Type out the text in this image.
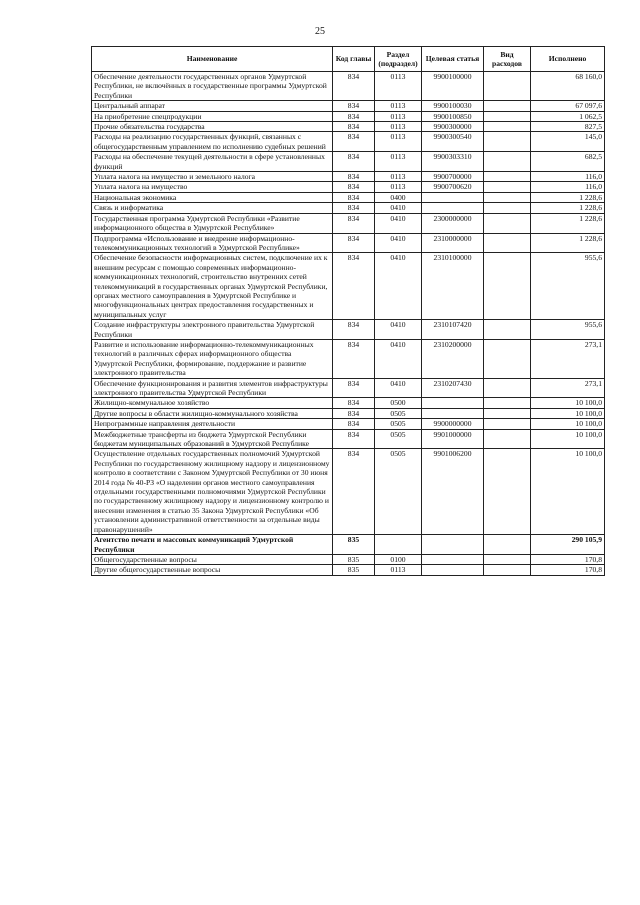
25
Наименование	Код главы	Раздел (подраздел)	Целевая статья	Вид расходов	Исполнено
Обеспечение деятельности государственных органов Удмуртской Республики, не включённых в государственные программы Удмуртской Республики	834	0113	9900100000		68 160,0
Центральный аппарат	834	0113	9900100030		67 097,6
На приобретение спецпродукции	834	0113	9900100850		1 062,5
Прочие обязательства государства	834	0113	9900300000		827,5
Расходы на реализацию государственных функций, связанных с общегосударственным управлением по исполнению судебных решений	834	0113	9900300540		145,0
Расходы на обеспечение текущей деятельности в сфере установленных функций	834	0113	9900303310		682,5
Уплата налога на имущество и земельного налога	834	0113	9900700000		116,0
Уплата налога на имущество	834	0113	9900700620		116,0
Национальная экономика	834	0400			1 228,6
Связь и информатика	834	0410			1 228,6
Государственная программа Удмуртской Республики «Развитие информационного общества в Удмуртской Республике»	834	0410	2300000000		1 228,6
Подпрограмма «Использование и внедрение информационно-телекоммуникационных технологий в Удмуртской Республике»	834	0410	2310000000		1 228,6
Обеспечение безопасности информационных систем, подключение их к внешним ресурсам с помощью современных информационно-коммуникационных технологий, строительство внутренних сетей телекоммуникаций в государственных органах Удмуртской Республики, органах местного самоуправления в Удмуртской Республике и многофункциональных центрах предоставления государственных и муниципальных услуг	834	0410	2310100000		955,6
Создание инфраструктуры электронного правительства Удмуртской Республики	834	0410	2310107420		955,6
Развитие и использование информационно-телекоммуникационных технологий в различных сферах информационного общества Удмуртской Республики, формирование, поддержание и развитие электронного правительства	834	0410	2310200000		273,1
Обеспечение функционирования и развития элементов инфраструктуры электронного правительства Удмуртской Республики	834	0410	2310207430		273,1
Жилищно-коммунальное хозяйство	834	0500			10 100,0
Другие вопросы в области жилищно-коммунального хозяйства	834	0505			10 100,0
Непрограммные направления деятельности	834	0505	9900000000		10 100,0
Межбюджетные трансферты из бюджета Удмуртской Республики бюджетам муниципальных образований в Удмуртской Республике	834	0505	9901000000		10 100,0
Осуществление отдельных государственных полномочий Удмуртской Республики по государственному жилищному надзору и лицензионному контролю в соответствии с Законом Удмуртской Республики от 30 июня 2014 года № 40-РЗ «О наделении органов местного самоуправления отдельными государственными полномочиями Удмуртской Республики по государственному жилищному надзору и лицензионному контролю и внесении изменения в статью 35 Закона Удмуртской Республики «Об установлении административной ответственности за отдельные виды правонарушений»	834	0505	9901006200		10 100,0
Агентство печати и массовых коммуникаций Удмуртской Республики	835				290 105,9
Общегосударственные вопросы	835	0100			170,8
Другие общегосударственные вопросы	835	0113			170,8
